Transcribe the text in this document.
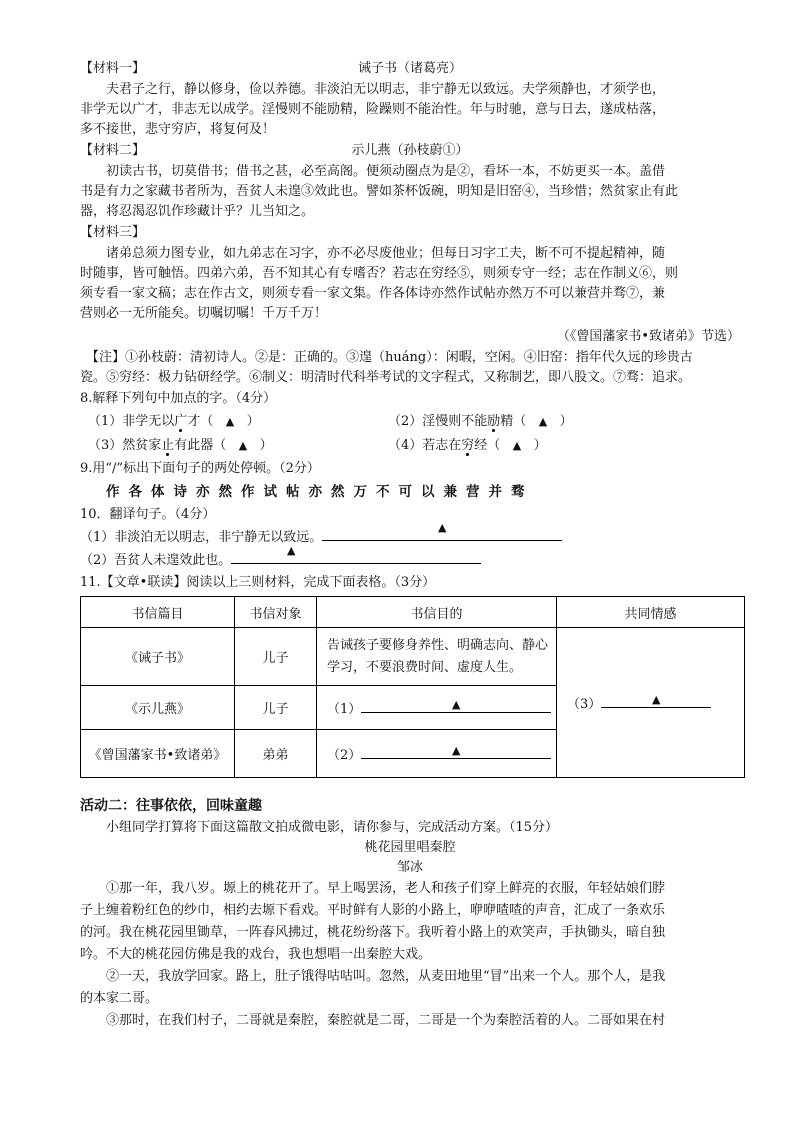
【材料一】	诫子书（诸葛亮）
夫君子之行，静以修身，俭以养德。非淡泊无以明志，非宁静无以致远。夫学须静也，才须学也，
非学无以广才，非志无以成学。淫慢则不能励精，险躁则不能治性。年与时驰，意与日去，遂成枯落，
多不接世，悲守穷庐，将复何及！
【材料二】	示儿燕（孙枝蔚①）
初读古书，切莫借书；借书之甚，必至高阁。便须动圈点为是②，看坏一本，不妨更买一本。盖借
书是有力之家藏书者所为，吾贫人未遑③效此也。譬如茶杯饭碗，明知是旧窑④，当珍惜；然贫家止有此
器，将忍渴忍饥作珍藏计乎？儿当知之。
【材料三】
诸弟总须力图专业，如九弟志在习字，亦不必尽废他业；但每日习字工夫，断不可不提起精神，随
时随事，皆可触悟。四弟六弟，吾不知其心有专嗜否？若志在穷经⑤，则须专守一经；志在作制义⑥，则
须专看一家文稿；志在作古文，则须专看一家文集。作各体诗亦然作试帖亦然万不可以兼营并骛⑦，兼
营则必一无所能矣。切嘱切嘱！千万千万！
（《曾国藩家书•致诸弟》节选）
【注】①孙枝蔚：清初诗人。②是：正确的。③遑（huáng）：闲暇，空闲。④旧窑：指年代久远的珍贵古
瓷。⑤穷经：极力钻研经学。⑥制义：明清时代科举考试的文字程式，又称制艺，即八股文。⑦骛：追求。
8.解释下列句中加点的字。（4分）
（1）非学无以广才（ ▲ ）	（2）淫慢则不能励精（ ▲ ）
（3）然贫家止有此器（ ▲ ）	（4）若志在穷经（ ▲ ）
9.用“/”标出下面句子的两处停顿。（2分）
作各体诗亦然作试帖亦然万不可以兼营并骛
10．翻译句子。（4分）
（1）非淡泊无以明志，非宁静无以致远。
▲
（2）吾贫人未遑效此也。
▲
11.【文章•联读】阅读以上三则材料，完成下面表格。（3分）
书信篇目	书信对象	书信目的	共同情感
《诫子书》	儿子	告诫孩子要修身养性、明确志向、静心学习，不要浪费时间、虚度人生。	（3） ▲

《示儿燕》	儿子	（1） ▲	

《曾国藩家书•致诸弟》	弟弟	（2） ▲	
活动二：往事依依，回味童趣
小组同学打算将下面这篇散文拍成微电影，请你参与，完成活动方案。（15分）
桃花园里唱秦腔
邹冰
①那一年，我八岁。塬上的桃花开了。早上喝罢汤，老人和孩子们穿上鲜亮的衣服，年轻姑娘们脖
子上缠着粉红色的纱巾，相约去塬下看戏。平时鲜有人影的小路上，咿咿喳喳的声音，汇成了一条欢乐
的河。我在桃花园里锄草，一阵春风拂过，桃花纷纷落下。我听着小路上的欢笑声，手执锄头，暗自独
吟。不大的桃花园仿佛是我的戏台，我也想唱一出秦腔大戏。
②一天，我放学回家。路上，肚子饿得咕咕叫。忽然，从麦田地里“冒”出来一个人。那个人，是我
的本家二哥。
③那时，在我们村子，二哥就是秦腔，秦腔就是二哥，二哥是一个为秦腔活着的人。二哥如果在村
